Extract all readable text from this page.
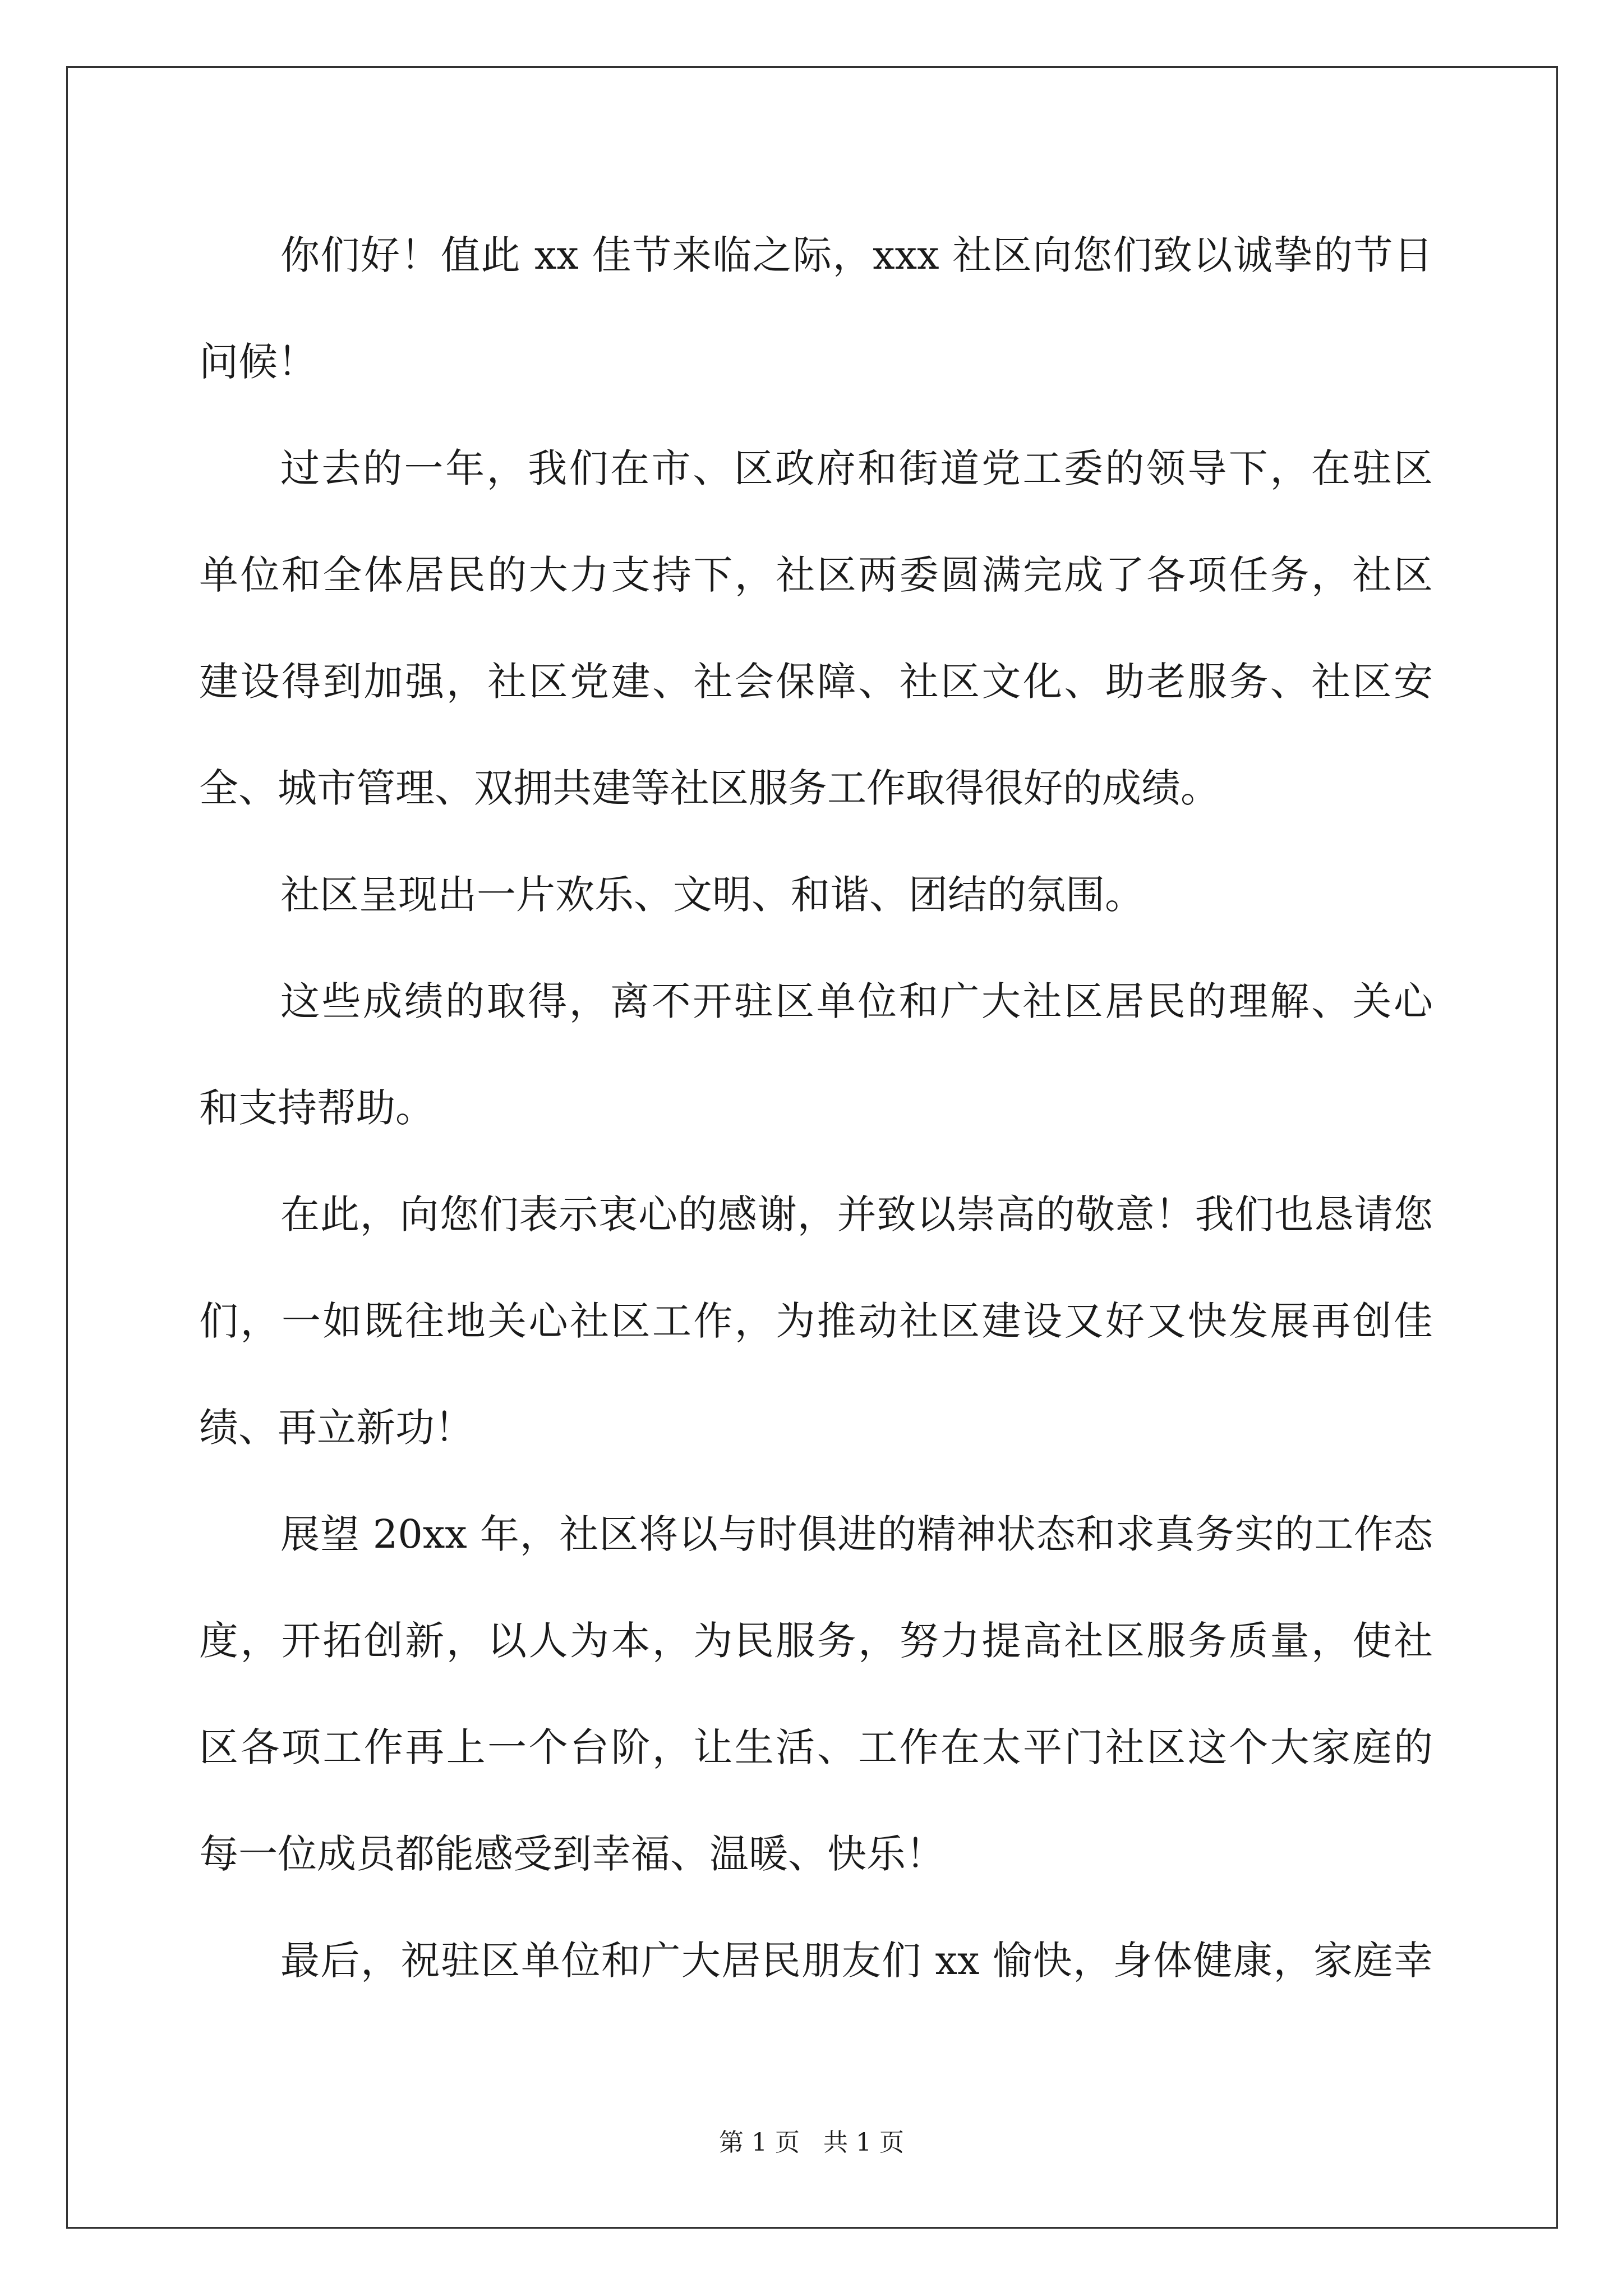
你们好！值此 xx 佳节来临之际，xxx 社区向您们致以诚挚的节日
问候！
过去的一年，我们在市、区政府和街道党工委的领导下，在驻区
单位和全体居民的大力支持下，社区两委圆满完成了各项任务，社区
建设得到加强，社区党建、社会保障、社区文化、助老服务、社区安
全、城市管理、双拥共建等社区服务工作取得很好的成绩。
社区呈现出一片欢乐、文明、和谐、团结的氛围。
这些成绩的取得，离不开驻区单位和广大社区居民的理解、关心
和支持帮助。
在此，向您们表示衷心的感谢，并致以崇高的敬意！我们也恳请您
们，一如既往地关心社区工作，为推动社区建设又好又快发展再创佳
绩、再立新功！
展望 20xx 年，社区将以与时俱进的精神状态和求真务实的工作态
度，开拓创新，以人为本，为民服务，努力提高社区服务质量，使社
区各项工作再上一个台阶，让生活、工作在太平门社区这个大家庭的
每一位成员都能感受到幸福、温暖、快乐！
最后，祝驻区单位和广大居民朋友们 xx 愉快，身体健康，家庭幸
第 1 页 共 1 页
